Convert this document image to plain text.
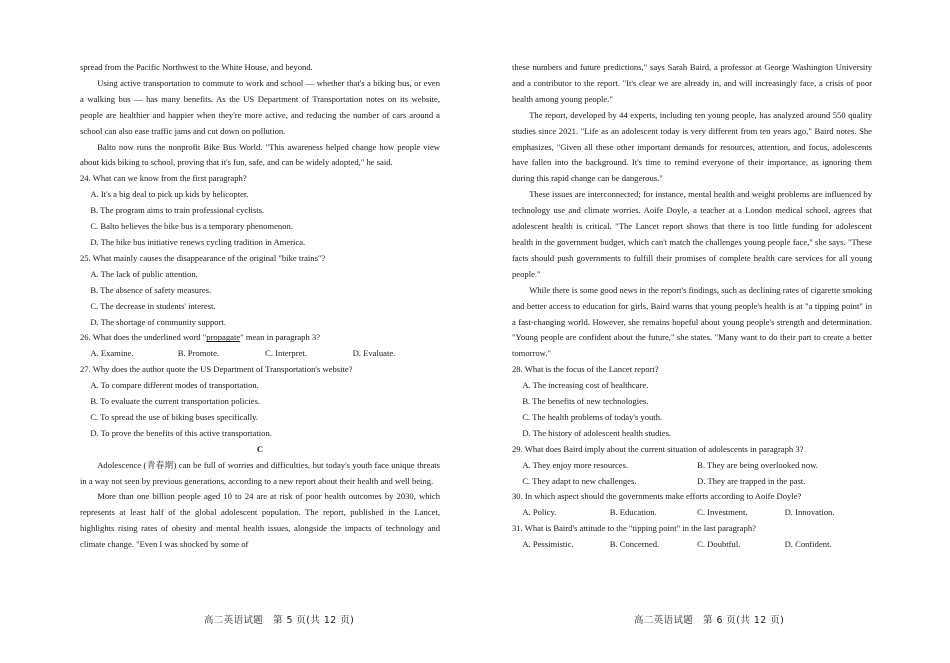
spread from the Pacific Northwest to the White House, and beyond.

Using active transportation to commute to work and school — whether that's a biking bus, or even a walking bus — has many benefits. As the US Department of Transportation notes on its website, people are healthier and happier when they're more active, and reducing the number of cars around a school can also ease traffic jams and cut down on pollution.

Balto now runs the nonprofit Bike Bus World. "This awareness helped change how people view about kids biking to school, proving that it's fun, safe, and can be widely adopted," he said.

24. What can we know from the first paragraph?

A. It's a big deal to pick up kids by helicopter.

B. The program aims to train professional cyclists.

C. Balto believes the bike bus is a temporary phenomenon.

D. The bike bus initiative renews cycling tradition in America.

25. What mainly causes the disappearance of the original "bike trains"?

A. The lack of public attention.

B. The absence of safety measures.

C. The decrease in students' interest.

D. The shortage of community support.

26. What does the underlined word "propagate" mean in paragraph 3?

A. Examine.	B. Promote.	C. Interpret.	D. Evaluate.

27. Why does the author quote the US Department of Transportation's website?

A. To compare different modes of transportation.

B. To evaluate the current transportation policies.

C. To spread the use of biking buses specifically.

D. To prove the benefits of this active transportation.

C

Adolescence (青春期) can be full of worries and difficulties, but today's youth face unique threats in a way not seen by previous generations, according to a new report about their health and well being.

More than one billion people aged 10 to 24 are at risk of poor health outcomes by 2030, which represents at least half of the global adolescent population. The report, published in the Lancet, highlights rising rates of obesity and mental health issues, alongside the impacts of technology and climate change. "Even I was shocked by some of

these numbers and future predictions," says Sarah Baird, a professor at George Washington University and a contributor to the report. "It's clear we are already in, and will increasingly face, a crisis of poor health among young people."

The report, developed by 44 experts, including ten young people, has analyzed around 550 quality studies since 2021. "Life as an adolescent today is very different from ten years ago," Baird notes. She emphasizes, "Given all these other important demands for resources, attention, and focus, adolescents have fallen into the background. It's time to remind everyone of their importance, as ignoring them during this rapid change can be dangerous."

These issues are interconnected; for instance, mental health and weight problems are influenced by technology use and climate worries. Aoife Doyle, a teacher at a London medical school, agrees that adolescent health is critical. "The Lancet report shows that there is too little funding for adolescent health in the government budget, which can't match the challenges young people face," she says. "These facts should push governments to fulfill their promises of complete health care services for all young people."

While there is some good news in the report's findings, such as declining rates of cigarette smoking and better access to education for girls, Baird warns that young people's health is at "a tipping point" in a fast-changing world. However, she remains hopeful about young people's strength and determination. "Young people are confident about the future," she states. "Many want to do their part to create a better tomorrow."

28. What is the focus of the Lancet report?

A. The increasing cost of healthcare.

B. The benefits of new technologies.

C. The health problems of today's youth.

D. The history of adolescent health studies.

29. What does Baird imply about the current situation of adolescents in paragraph 3?

A. They enjoy more resources.	B. They are being overlooked now.
C. They adapt to new challenges.	D. They are trapped in the past.

30. In which aspect should the governments make efforts according to Aoife Doyle?

A. Policy.	B. Education.	C. Investment.	D. Innovation.

31. What is Baird's attitude to the "tipping point" in the last paragraph?

A. Pessimistic.	B. Concerned.	C. Doubtful.	D. Confident.
高二英语试题　第 5 页(共 12 页)	高二英语试题　第 6 页(共 12 页)
